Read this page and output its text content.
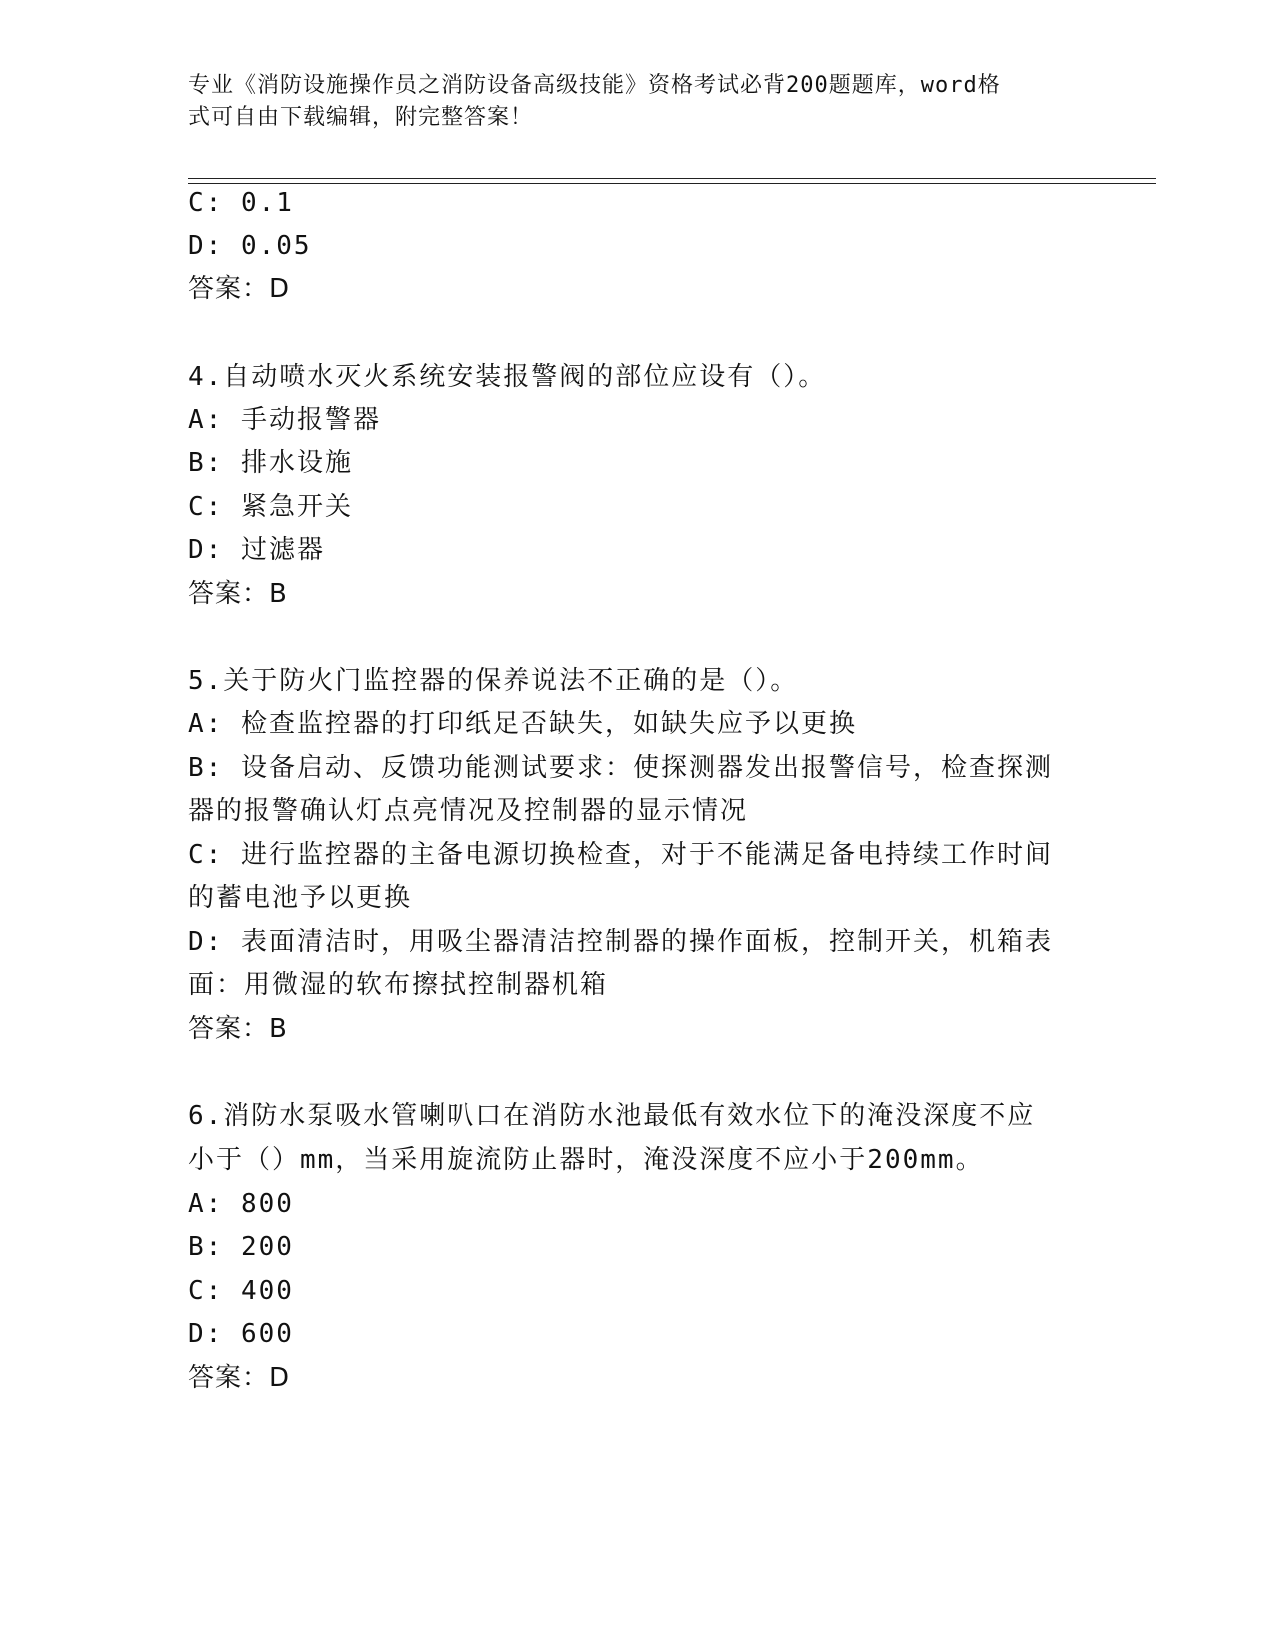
专业《消防设施操作员之消防设备高级技能》资格考试必背200题题库，word格
式可自由下载编辑，附完整答案！
C: 0.1
D: 0.05
答案：D
4.自动喷水灭火系统安装报警阀的部位应设有（）。
A: 手动报警器
B: 排水设施
C: 紧急开关
D: 过滤器
答案：B
5.关于防火门监控器的保养说法不正确的是（）。
A: 检查监控器的打印纸足否缺失，如缺失应予以更换
B: 设备启动、反馈功能测试要求：使探测器发出报警信号，检查探测
器的报警确认灯点亮情况及控制器的显示情况
C: 进行监控器的主备电源切换检查，对于不能满足备电持续工作时间
的蓄电池予以更换
D: 表面清洁时，用吸尘器清洁控制器的操作面板，控制开关，机箱表
面：用微湿的软布擦拭控制器机箱
答案：B
6.消防水泵吸水管喇叭口在消防水池最低有效水位下的淹没深度不应
小于（）mm，当采用旋流防止器时，淹没深度不应小于200mm。
A: 800
B: 200
C: 400
D: 600
答案：D
